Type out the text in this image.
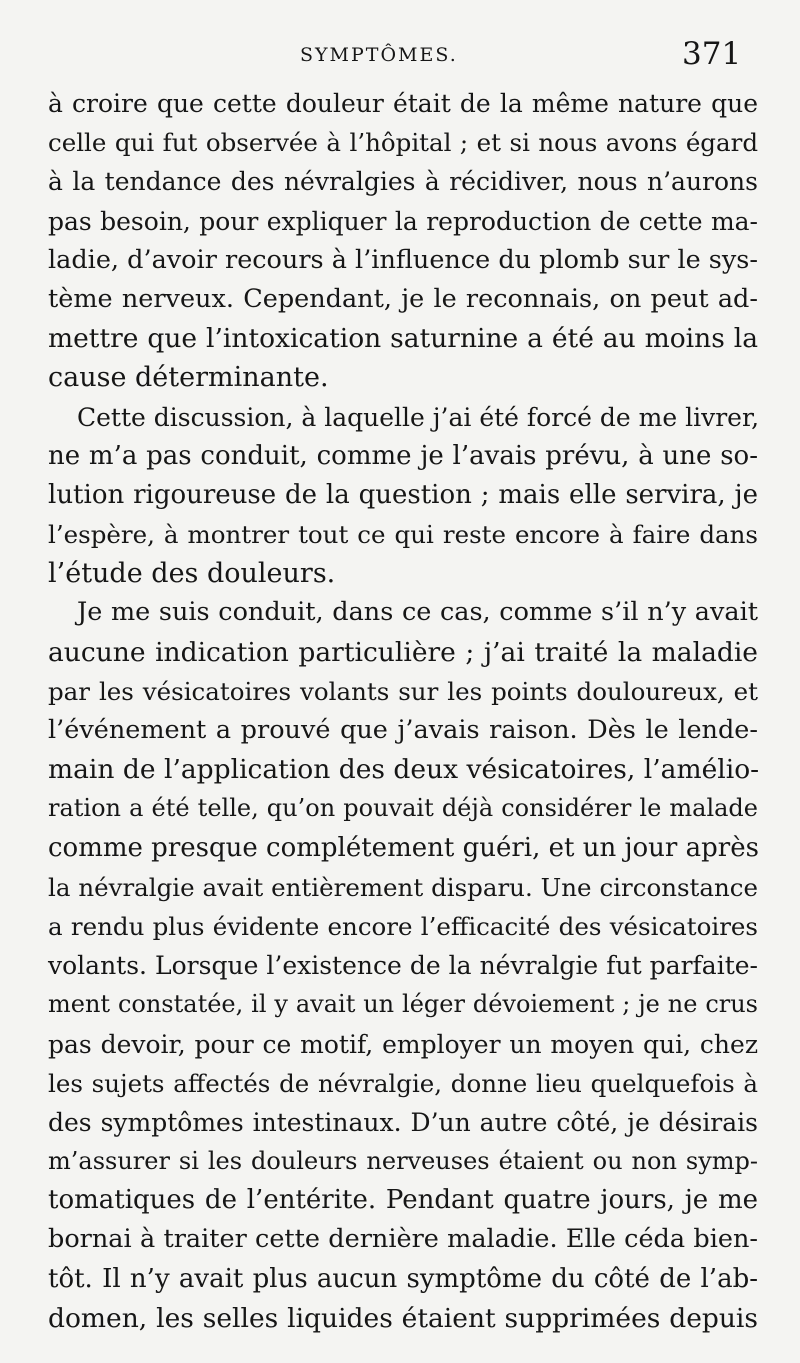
SYMPTÔMES.	371
à croire que cette douleur était de la même nature que
celle qui fut observée à l’hôpital ; et si nous avons égard
à la tendance des névralgies à récidiver, nous n’aurons
pas besoin, pour expliquer la reproduction de cette ma-
ladie, d’avoir recours à l’influence du plomb sur le sys-
tème nerveux. Cependant, je le reconnais, on peut ad-
mettre que l’intoxication saturnine a été au moins la
cause déterminante.
Cette discussion, à laquelle j’ai été forcé de me livrer,
ne m’a pas conduit, comme je l’avais prévu, à une so-
lution rigoureuse de la question ; mais elle servira, je
l’espère, à montrer tout ce qui reste encore à faire dans
l’étude des douleurs.
Je me suis conduit, dans ce cas, comme s’il n’y avait
aucune indication particulière ; j’ai traité la maladie
par les vésicatoires volants sur les points douloureux, et
l’événement a prouvé que j’avais raison. Dès le lende-
main de l’application des deux vésicatoires, l’amélio-
ration a été telle, qu’on pouvait déjà considérer le malade
comme presque complétement guéri, et un jour après
la névralgie avait entièrement disparu. Une circonstance
a rendu plus évidente encore l’efficacité des vésicatoires
volants. Lorsque l’existence de la névralgie fut parfaite-
ment constatée, il y avait un léger dévoiement ; je ne crus
pas devoir, pour ce motif, employer un moyen qui, chez
les sujets affectés de névralgie, donne lieu quelquefois à
des symptômes intestinaux. D’un autre côté, je désirais
m’assurer si les douleurs nerveuses étaient ou non symp-
tomatiques de l’entérite. Pendant quatre jours, je me
bornai à traiter cette dernière maladie. Elle céda bien-
tôt. Il n’y avait plus aucun symptôme du côté de l’ab-
domen, les selles liquides étaient supprimées depuis
